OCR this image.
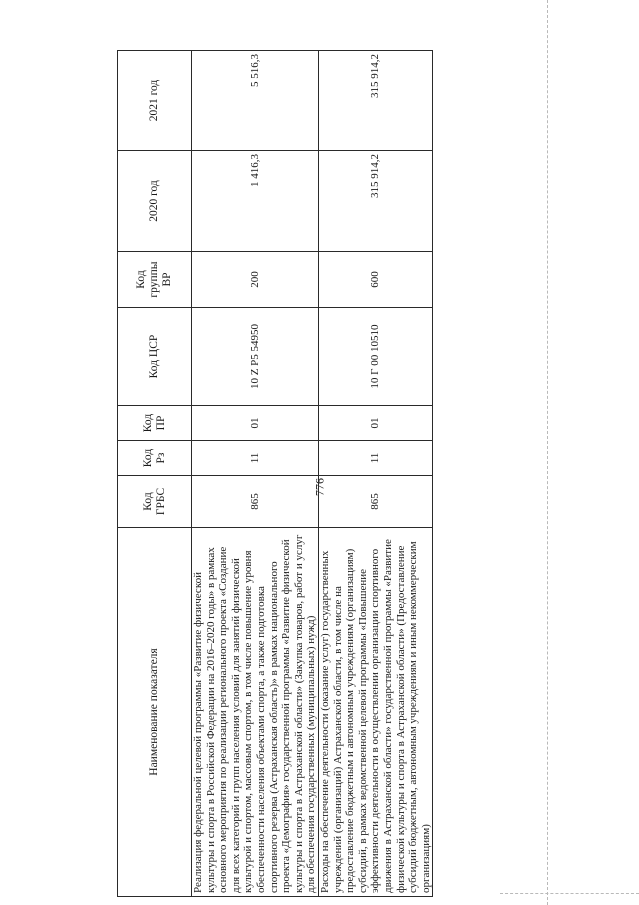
776
Наименование показателя	Код ГРБС	Код Рз	Код ПР	Код ЦСР	Код группы ВР	2020 год	2021 год
Реализация федеральной целевой программы «Развитие физической культуры и спорта в Российской Федерации на 2016–2020 годы» в рамках основного мероприятия по реализации регионального проекта «Создание для всех категорий и групп населения условий для занятий физической культурой и спортом, массовым спортом, в том числе повышение уровня обеспеченности населения объектами спорта, а также подготовка спортивного резерва (Астраханская область)» в рамках национального проекта «Демография» государственной программы «Развитие физической культуры и спорта в Астраханской области» (Закупка товаров, работ и услуг для обеспечения государственных (муниципальных) нужд)	865	11	01	10 Z P5 54950	200	1 416,3	5 516,3
Расходы на обеспечение деятельности (оказание услуг) государственных учреждений (организаций) Астраханской области, в том числе на предоставление бюджетным и автономным учреждениям (организациям) субсидий, в рамках ведомственной целевой программы «Повышение эффективности деятельности в осуществлении организации спортивного движения в Астраханской области» государственной программы «Развитие физической культуры и спорта в Астраханской области» (Предоставление субсидий бюджетным, автономным учреждениям и иным некоммерческим организациям)	865	11	01	10 Г 00 10510	600	315 914,2	315 914,2
